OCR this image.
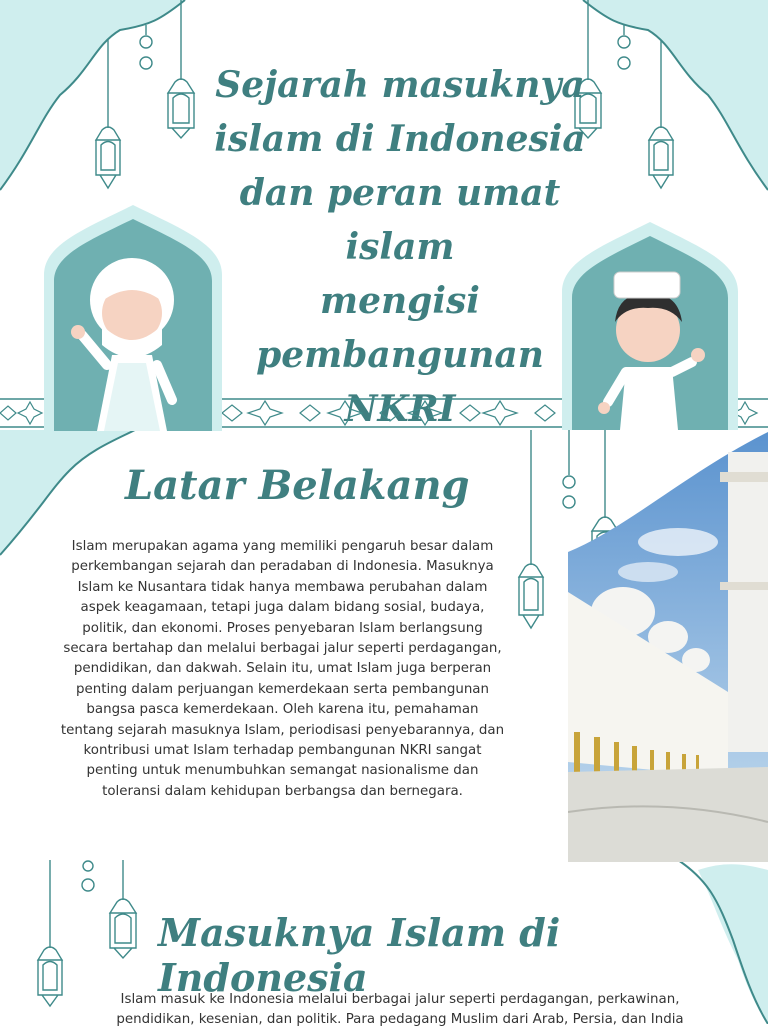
Sejarah masuknya
islam di Indonesia
dan peran umat islam
mengisi pembangunan
NKRI
Latar Belakang
Islam merupakan agama yang memiliki pengaruh besar dalam perkembangan sejarah dan peradaban di Indonesia. Masuknya Islam ke Nusantara tidak hanya membawa perubahan dalam aspek keagamaan, tetapi juga dalam bidang sosial, budaya, politik, dan ekonomi. Proses penyebaran Islam berlangsung secara bertahap dan melalui berbagai jalur seperti perdagangan, pendidikan, dan dakwah. Selain itu, umat Islam juga berperan penting dalam perjuangan kemerdekaan serta pembangunan bangsa pasca kemerdekaan. Oleh karena itu, pemahaman tentang sejarah masuknya Islam, periodisasi penyebarannya, dan kontribusi umat Islam terhadap pembangunan NKRI sangat penting untuk menumbuhkan semangat nasionalisme dan toleransi dalam kehidupan berbangsa dan bernegara.
Masuknya Islam di Indonesia
Islam masuk ke Indonesia melalui berbagai jalur seperti perdagangan, perkawinan, pendidikan, kesenian, dan politik. Para pedagang Muslim dari Arab, Persia, dan India
